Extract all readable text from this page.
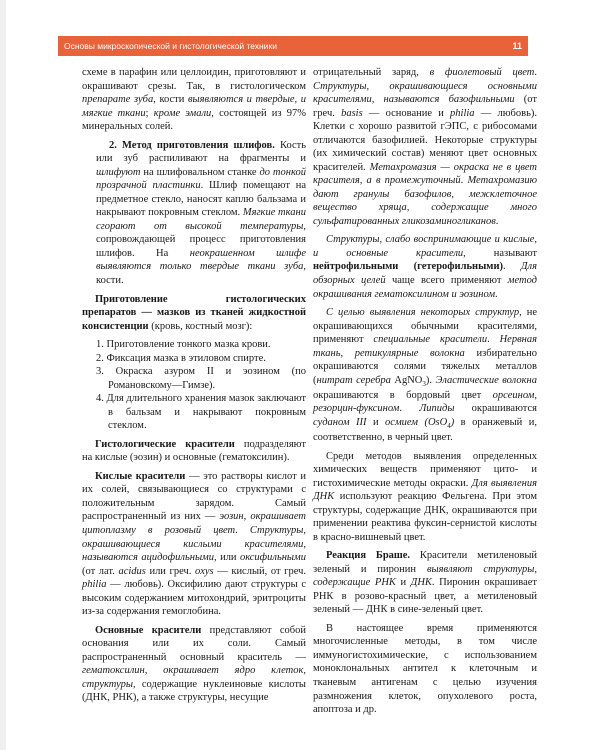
Основы микроскопической и гистологической техники	11

схеме в парафин или целлоидин, приготовляют и окрашивают срезы. Так, в гистологическом препарате зуба, кости выявляются и твердые, и мягкие ткани; кроме эмали, состоящей из 97% минеральных солей.

2. Метод приготовления шлифов. Кость или зуб распиливают на фрагменты и шлифуют на шлифовальном станке до тонкой прозрачной пластинки. Шлиф помещают на предметное стекло, наносят каплю бальзама и накрывают покровным стеклом. Мягкие ткани сгорают от высокой температуры, сопровождающей процесс приготовления шлифов. На неокрашенном шлифе выявляются только твердые ткани зуба, кости.

Приготовление гистологических препаратов — мазков из тканей жидкостной консистенции (кровь, костный мозг):

1. Приготовление тонкого мазка крови.
2. Фиксация мазка в этиловом спирте.
3. Окраска азуром II и эозином (по Романовскому—Гимзе).
4. Для длительного хранения мазок заключают в бальзам и накрывают покровным стеклом.

Гистологические красители подразделяют на кислые (эозин) и основные (гематоксилин).

Кислые красители — это растворы кислот и их солей, связывающиеся со структурами с положительным зарядом. Самый распространенный из них — эозин, окрашивает цитоплазму в розовый цвет. Структуры, окрашивающиеся кислыми красителями, называются ацидофильными, или оксифильными (от лат. acidus или греч. oxys — кислый, от греч. philia — любовь). Оксифилию дают структуры с высоким содержанием митохондрий, эритроциты из-за содержания гемоглобина.

Основные красители представляют собой основания или их соли. Самый распространенный основный краситель — гематоксилин, окрашивает ядро клеток, структуры, содержащие нуклеиновые кислоты (ДНК, РНК), а также структуры, несущие

отрицательный заряд, в фиолетовый цвет. Структуры, окрашивающиеся основными красителями, называются базофильными (от греч. basis — основание и philia — любовь). Клетки с хорошо развитой гЭПС, с рибосомами отличаются базофилией. Некоторые структуры (их химический состав) меняют цвет основных красителей. Метахромазия — окраска не в цвет красителя, а в промежуточный. Метахромазию дают гранулы базофилов, межклеточное вещество хряща, содержащие много сульфатированных гликозаминогликанов.

Структуры, слабо воспринимающие и кислые, и основные красители, называют нейтрофильными (гетерофильными). Для обзорных целей чаще всего применяют метод окрашивания гематоксилином и эозином.

С целью выявления некоторых структур, не окрашивающихся обычными красителями, применяют специальные красители. Нервная ткань, ретикулярные волокна избирательно окрашиваются солями тяжелых металлов (нитрат серебра AgNO$_3$). Эластические волокна окрашиваются в бордовый цвет орсеином, резорцин-фуксином. Липиды окрашиваются суданом III и осмием (OsO$_4$) в оранжевый и, соответственно, в черный цвет.

Среди методов выявления определенных химических веществ применяют цито- и гистохимические методы окраски. Для выявления ДНК используют реакцию Фельгена. При этом структуры, содержащие ДНК, окрашиваются при применении реактива фуксин-сернистой кислоты в красно-вишневый цвет.

Реакция Браше. Красители метиленовый зеленый и пиронин выявляют структуры, содержащие РНК и ДНК. Пиронин окрашивает РНК в розово-красный цвет, а метиленовый зеленый — ДНК в сине-зеленый цвет.

В настоящее время применяются многочисленные методы, в том числе иммуногистохимические, с использованием моноклональных антител к клеточным и тканевым антигенам с целью изучения размножения клеток, опухолевого роста, апоптоза и др.
